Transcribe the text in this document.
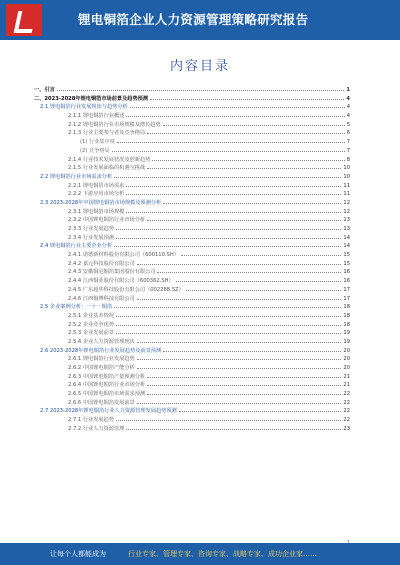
锂电铜箔企业人力资源管理策略研究报告
内容目录
一、引言	1
二、2023-2028年锂电铜箔市场前景及趋势预测	4
2.1 锂电铜箔行业发展现状与趋势分析	4
2.1.1 锂电铜箔行业概述	4
2.1.2 锂电铜箔行业市场规模及增长趋势	5
2.1.3 行业主要参与者及竞争格局	6
(1) 行业集中度	7
(2) 竞争格局	7
2.1.4 行业技术发展状况及创新趋势	8
2.1.5 行业发展面临的机遇与挑战	10
2.2 锂电铜箔行业市场需求分析	10
2.2.1 锂电铜箔市场需求	11
2.2.2 下游应用市场分析	11
2.3 2023-2028年中国锂电铜箔市场规模及预测分析	12
2.3.1 锂电铜箔市场规模	12
2.3.2 中国锂电铜箔行业市场分析	13
2.3.3 行业发展趋势	13
2.3.4 行业发展预测	14
2.4 锂电铜箔行业主要企业分析	14
2.4.1 诺德新材料股份有限公司（600110.SH）	15
2.4.2 嘉元科技股份有限公司	15
2.4.3 安徽铜冠铜箔集团股份有限公司	16
2.4.4 江西铜业股份有限公司（600362.SH）	16
2.4.5 广东超华科技股份有限公司（002288.SZ）	17
2.4.6 江西铜博科技有限公司	17
2.5 企业案例分析：一十一铜箔	18
2.5.1 企业基本情况	18
2.5.2 企业竞争优势	18
2.5.3 企业发展前景	19
2.5.4 企业人力资源管理现状	19
2.6 2023-2028年锂电铜箔行业发展趋势及前景预测	20
2.6.1 锂电铜箔行业发展趋势	20
2.6.2 中国锂电铜箔产能分析	20
2.6.3 中国锂电铜箔产量预测分析	21
2.6.4 中国锂电铜箔行业市场分析	21
2.6.5 中国锂电铜箔市场需求预测	22
2.6.6 中国锂电铜箔发展前景	22
2.7 2023-2028年锂电铜箔行业人力资源管理发展趋势预测	22
2.7.1 行业发展趋势	22
2.7.2 行业人力资源管理	23
让每个人都能成为	行业专家、管理专家、咨询专家、战略专家、成功企业家……
